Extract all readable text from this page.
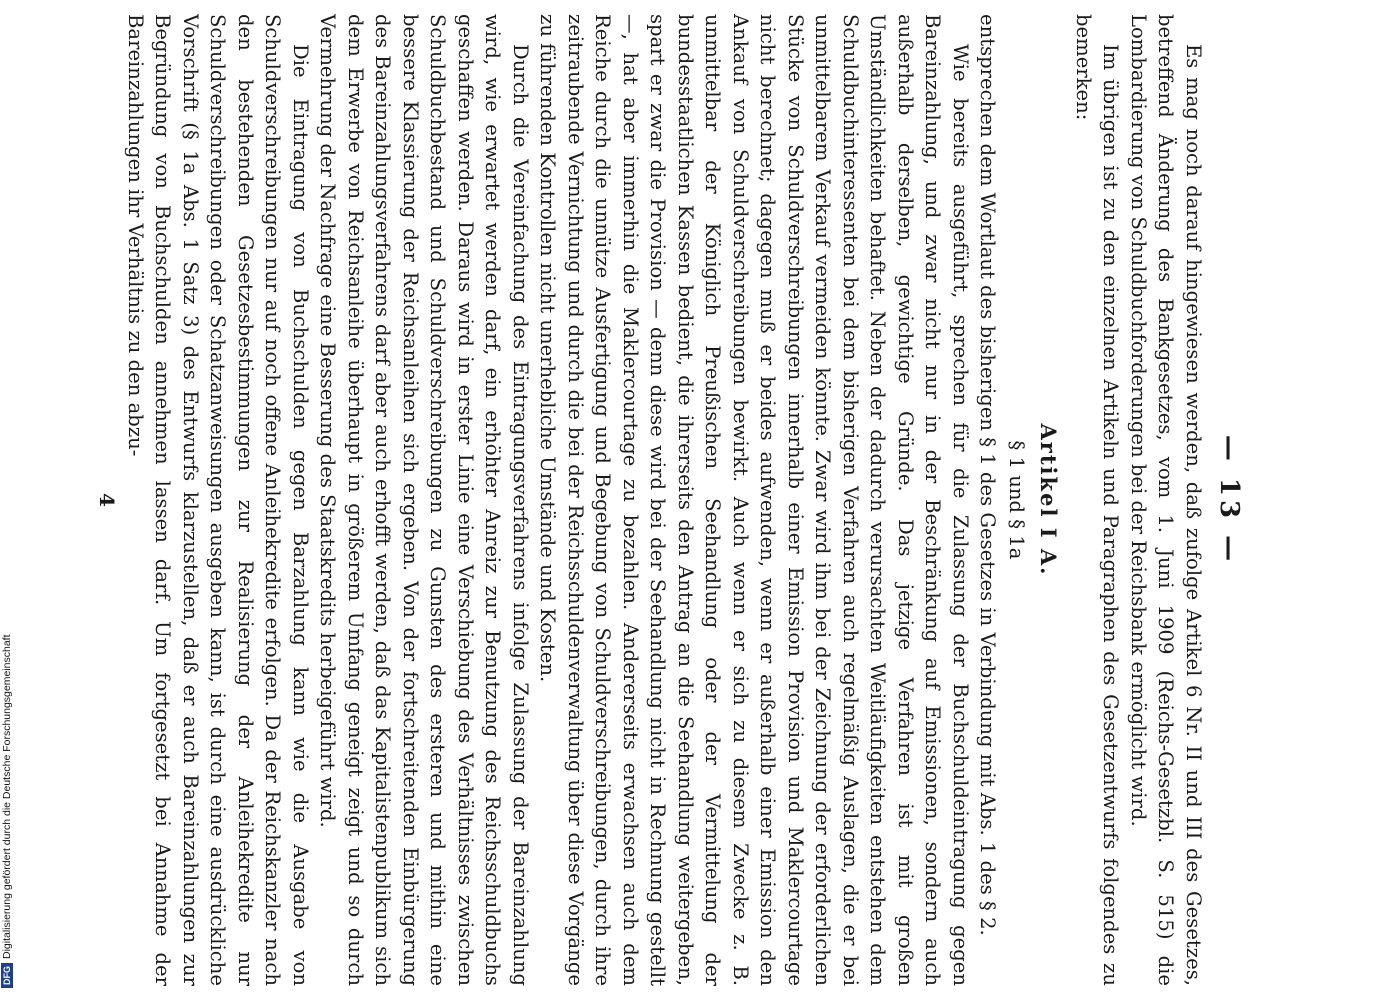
— 13 —

Es mag noch darauf hingewiesen werden, daß zufolge Artikel 6 Nr. II und III des Gesetzes, betreffend Änderung des Bankgesetzes, vom 1. Juni 1909 (Reichs-Gesetzbl. S. 515) die Lombardierung von Schuldbuchforderungen bei der Reichsbank ermöglicht wird.

Im übrigen ist zu den einzelnen Artikeln und Paragraphen des Gesetzentwurfs folgendes zu bemerken:

Artikel I A.
§ 1 und § 1a

entsprechen dem Wortlaut des bisherigen § 1 des Gesetzes in Verbindung mit Abs. 1 des § 2.

Wie bereits ausgeführt, sprechen für die Zulassung der Buchschuldeintragung gegen Bareinzahlung, und zwar nicht nur in der Beschränkung auf Emissionen, sondern auch außerhalb derselben, gewichtige Gründe. Das jetzige Verfahren ist mit großen Umständlichkeiten behaftet. Neben der dadurch verursachten Weitläufigkeiten entstehen dem Schuldbuchinteressenten bei dem bisherigen Verfahren auch regelmäßig Auslagen, die er bei unmittelbarem Verkauf vermeiden könnte. Zwar wird ihm bei der Zeichnung der erforderlichen Stücke von Schuldverschreibungen innerhalb einer Emission Provision und Maklercourtage nicht berechnet; dagegen muß er beides aufwenden, wenn er außerhalb einer Emission den Ankauf von Schuldverschreibungen bewirkt. Auch wenn er sich zu diesem Zwecke z. B. unmittelbar der Königlich Preußischen Seehandlung oder der Vermittelung der bundesstaatlichen Kassen bedient, die ihrerseits den Antrag an die Seehandlung weitergeben, spart er zwar die Provision — denn diese wird bei der Seehandlung nicht in Rechnung gestellt —, hat aber immerhin die Maklercourtage zu bezahlen. Andererseits erwachsen auch dem Reiche durch die unnütze Ausfertigung und Begebung von Schuldverschreibungen, durch ihre zeitraubende Vernichtung und durch die bei der Reichsschuldenverwaltung über diese Vorgänge zu führenden Kontrollen nicht unerhebliche Umstände und Kosten.

Durch die Vereinfachung des Eintragungsverfahrens infolge Zulassung der Bareinzahlung wird, wie erwartet werden darf, ein erhöhter Anreiz zur Benutzung des Reichsschuldbuchs geschaffen werden. Daraus wird in erster Linie eine Verschiebung des Verhältnisses zwischen Schuldbuchbestand und Schuldverschreibungen zu Gunsten des ersteren und mithin eine bessere Klassierung der Reichsanleihen sich ergeben. Von der fortschreitenden Einbürgerung des Bareinzahlungsverfahrens darf aber auch erhofft werden, daß das Kapitalistenpublikum sich dem Erwerbe von Reichsanleihe überhaupt in größerem Umfang geneigt zeigt und so durch Vermehrung der Nachfrage eine Besserung des Staatskredits herbeigeführt wird.

Die Eintragung von Buchschulden gegen Barzahlung kann wie die Ausgabe von Schuldverschreibungen nur auf noch offene Anleihekredite erfolgen. Da der Reichskanzler nach den bestehenden Gesetzesbestimmungen zur Realisierung der Anleihekredite nur Schuldverschreibungen oder Schatzanweisungen ausgeben kann, ist durch eine ausdrückliche Vorschrift (§ 1a Abs. 1 Satz 3) des Entwurfs klarzustellen, daß er auch Bareinzahlungen zur Begründung von Buchschulden annehmen lassen darf. Um fortgesetzt bei Annahme der Bareinzahlungen ihr Verhältnis zu den abzu-

4
DFG
Digitalisierung gefördert durch die Deutsche Forschungsgemeinschaft
